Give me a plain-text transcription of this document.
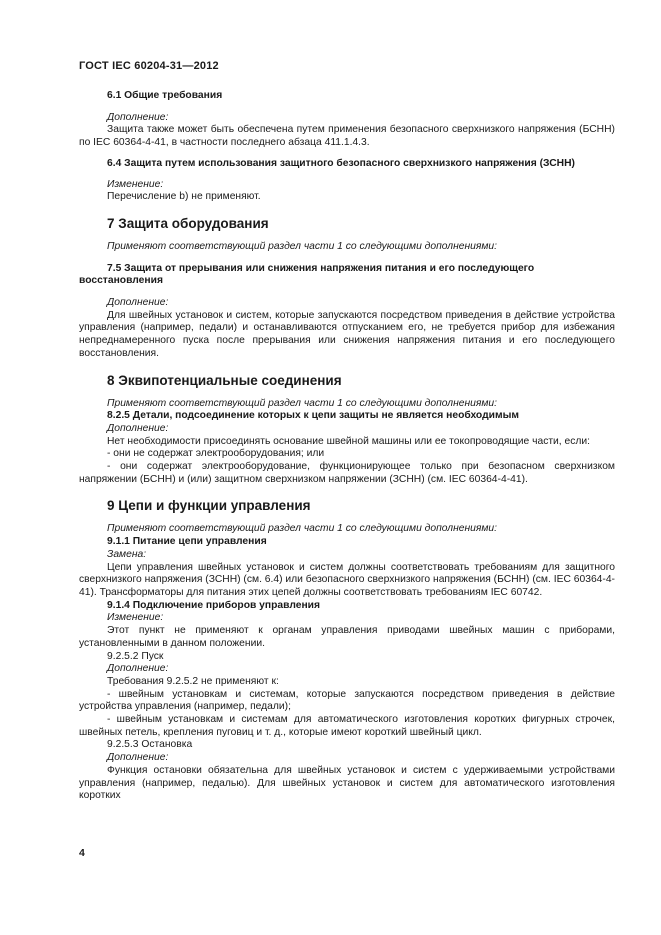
ГОСТ IEC 60204-31—2012

6.1 Общие требования

Дополнение:

Защита также может быть обеспечена путем применения безопасного сверхнизкого напряжения (БСНН) по IEC 60364-4-41, в частности последнего абзаца 411.1.4.3.

6.4 Защита путем использования защитного безопасного сверхнизкого напряжения (ЗСНН)

Изменение:

Перечисление b) не применяют.

7 Защита оборудования

Применяют соответствующий раздел части 1 со следующими дополнениями:

7.5 Защита от прерывания или снижения напряжения питания и его последующего восстановления

Дополнение:

Для швейных установок и систем, которые запускаются посредством приведения в действие устройства управления (например, педали) и останавливаются отпусканием его, не требуется прибор для избежания непреднамеренного пуска после прерывания или снижения напряжения питания и его последующего восстановления.

8 Эквипотенциальные соединения

Применяют соответствующий раздел части 1 со следующими дополнениями:

8.2.5 Детали, подсоединение которых к цепи защиты не является необходимым

Дополнение:

Нет необходимости присоединять основание швейной машины или ее токопроводящие части, если:

- они не содержат электрооборудования; или

- они содержат электрооборудование, функционирующее только при безопасном сверхнизком напряжении (БСНН) и (или) защитном сверхнизком напряжении (ЗСНН) (см. IEC 60364-4-41).

9 Цепи и функции управления

Применяют соответствующий раздел части 1 со следующими дополнениями:

9.1.1 Питание цепи управления

Замена:

Цепи управления швейных установок и систем должны соответствовать требованиям для защитного сверхнизкого напряжения (ЗСНН) (см. 6.4) или безопасного сверхнизкого напряжения (БСНН) (см. IEC 60364-4-41). Трансформаторы для питания этих цепей должны соответствовать требованиям IEC 60742.

9.1.4 Подключение приборов управления

Изменение:

Этот пункт не применяют к органам управления приводами швейных машин с приборами, установленными в данном положении.

9.2.5.2 Пуск

Дополнение:

Требования 9.2.5.2 не применяют к:

- швейным установкам и системам, которые запускаются посредством приведения в действие устройства управления (например, педали);

- швейным установкам и системам для автоматического изготовления коротких фигурных строчек, швейных петель, крепления пуговиц и т. д., которые имеют короткий швейный цикл.

9.2.5.3 Остановка

Дополнение:

Функция остановки обязательна для швейных установок и систем с удерживаемыми устройствами управления (например, педалью). Для швейных установок и систем для автоматического изготовления коротких

4
